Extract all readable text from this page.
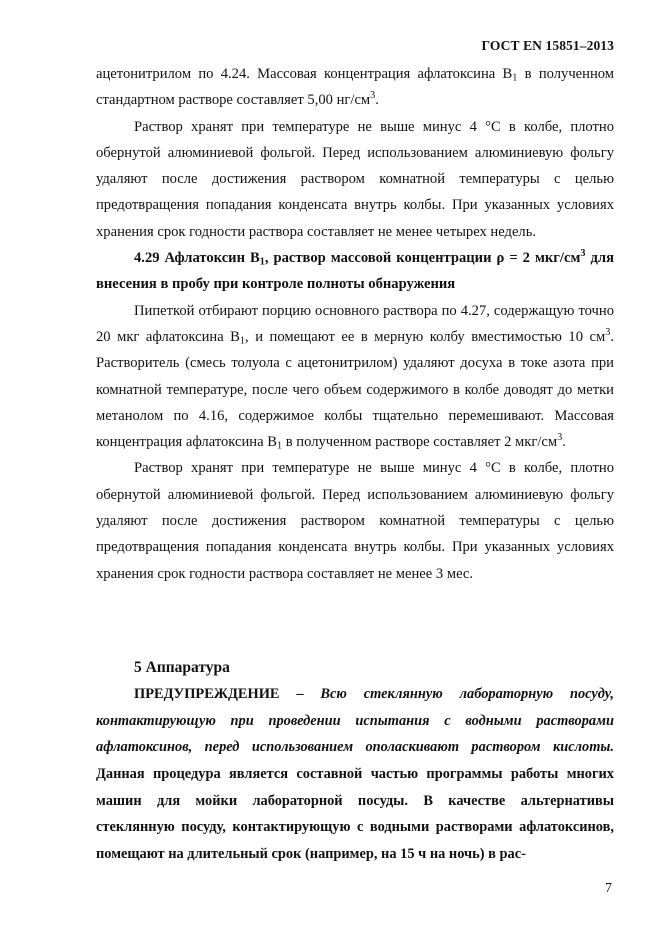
ГОСТ EN 15851–2013

ацетонитрилом по 4.24. Массовая концентрация афлатоксина $B_1$ в полученном стандартном растворе составляет 5,00 $нг/см^3$.

Раствор хранят при температуре не выше минус 4 °C в колбе, плотно обернутой алюминиевой фольгой. Перед использованием алюминиевую фольгу удаляют после достижения раствором комнатной температуры с целью предотвращения попадания конденсата внутрь колбы. При указанных условиях хранения срок годности раствора составляет не менее четырех недель.

4.29 Афлатоксин $B_1$, раствор массовой концентрации ρ = 2 мкг/$см^3$ для внесения в пробу при контроле полноты обнаружения

Пипеткой отбирают порцию основного раствора по 4.27, содержащую точно 20 мкг афлатоксина $B_1$, и помещают ее в мерную колбу вместимостью 10 $см^3$. Растворитель (смесь толуола с ацетонитрилом) удаляют досуха в токе азота при комнатной температуре, после чего объем содержимого в колбе доводят до метки метанолом по 4.16, содержимое колбы тщательно перемешивают. Массовая концентрация афлатоксина $B_1$ в полученном растворе составляет 2 мкг/$см^3$.

Раствор хранят при температуре не выше минус 4 °C в колбе, плотно обернутой алюминиевой фольгой. Перед использованием алюминиевую фольгу удаляют после достижения раствором комнатной температуры с целью предотвращения попадания конденсата внутрь колбы. При указанных условиях хранения срок годности раствора составляет не менее 3 мес.

5 Аппаратура

ПРЕДУПРЕЖДЕНИЕ – Всю стеклянную лабораторную посуду, контактирующую при проведении испытания с водными растворами афлатоксинов, перед использованием ополаскивают раствором кислоты. Данная процедура является составной частью программы работы многих машин для мойки лабораторной посуды. В качестве альтернативы стеклянную посуду, контактирующую с водными растворами афлатоксинов, помещают на длительный срок (например, на 15 ч на ночь) в рас-

7
